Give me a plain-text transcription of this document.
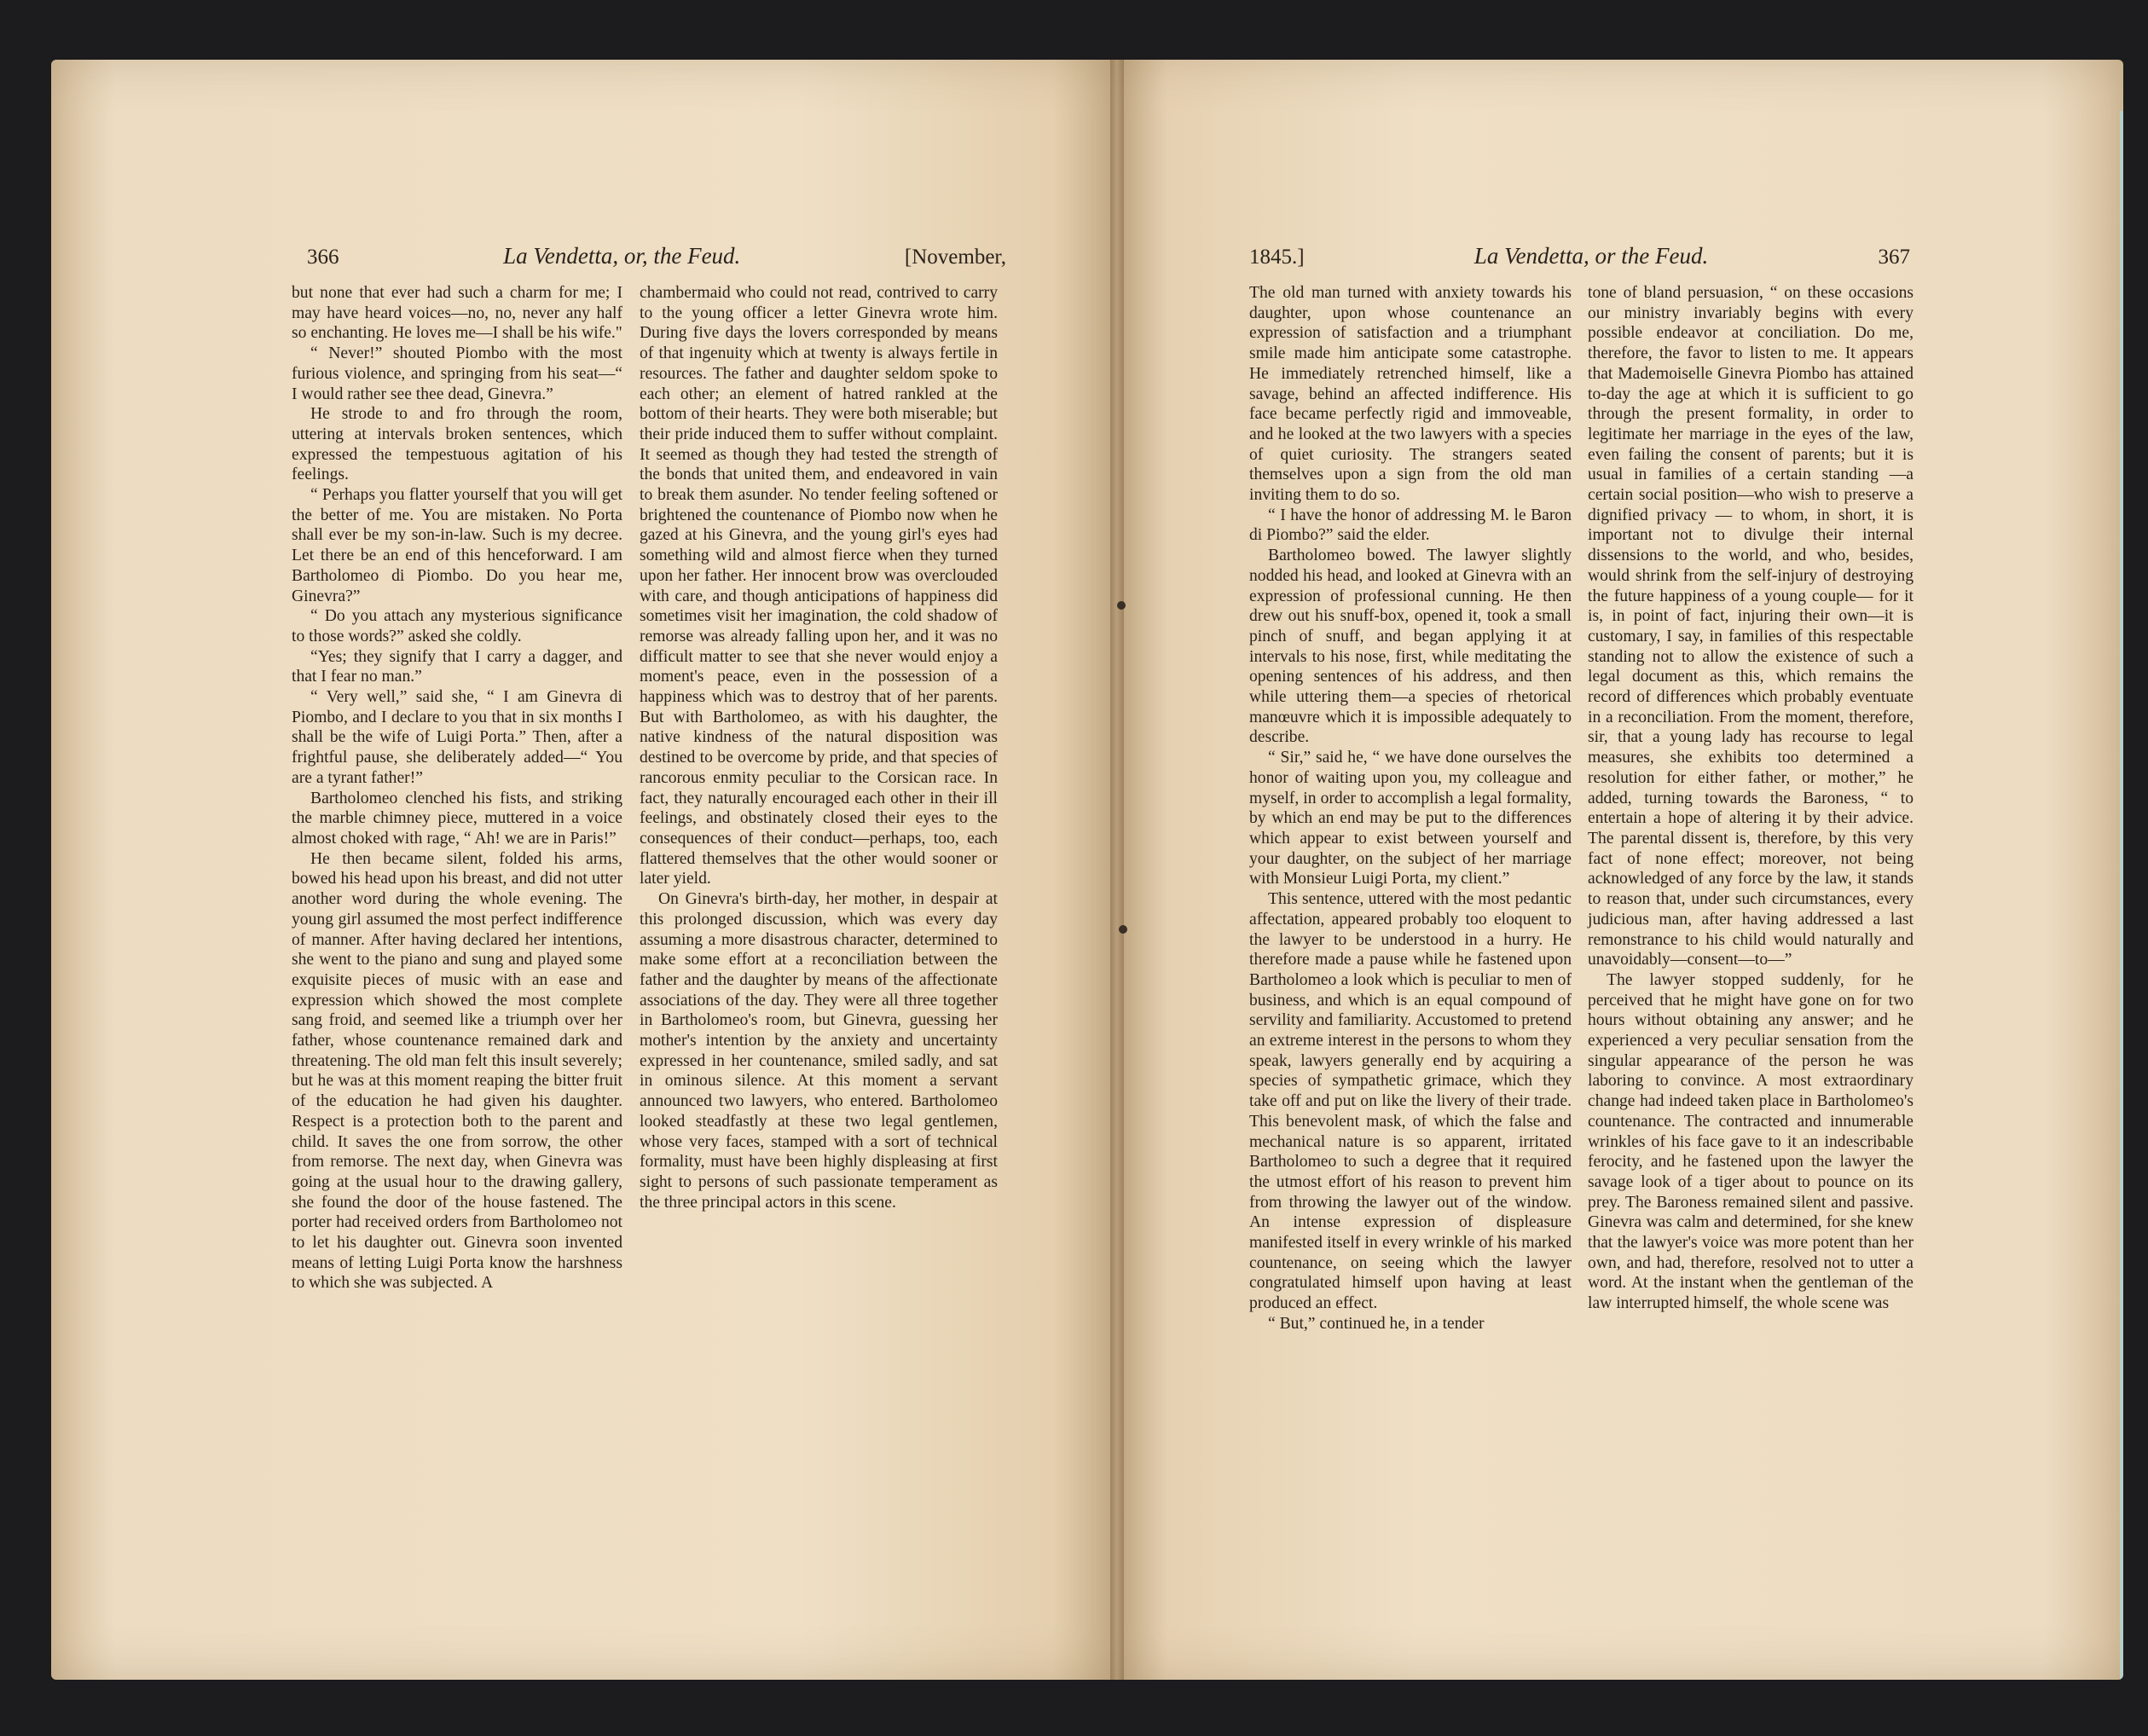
366	La Vendetta, or, the Feud.	[November,

but none that ever had such a charm for me; I may have heard voices—no, no, never any half so enchanting. He loves me—I shall be his wife."

“ Never!” shouted Piombo with the most furious violence, and springing from his seat—“ I would rather see thee dead, Ginevra.”

He strode to and fro through the room, uttering at intervals broken sentences, which expressed the tempestuous agitation of his feelings.

“ Perhaps you flatter yourself that you will get the better of me. You are mistaken. No Porta shall ever be my son-in-law. Such is my decree. Let there be an end of this henceforward. I am Bartholomeo di Piombo. Do you hear me, Ginevra?”

“ Do you attach any mysterious significance to those words?” asked she coldly.

“Yes; they signify that I carry a dagger, and that I fear no man.”

“ Very well,” said she, “ I am Ginevra di Piombo, and I declare to you that in six months I shall be the wife of Luigi Porta.” Then, after a frightful pause, she deliberately added—“ You are a tyrant father!”

Bartholomeo clenched his fists, and striking the marble chimney piece, muttered in a voice almost choked with rage, “ Ah! we are in Paris!”

He then became silent, folded his arms, bowed his head upon his breast, and did not utter another word during the whole evening. The young girl assumed the most perfect indifference of manner. After having declared her intentions, she went to the piano and sung and played some exquisite pieces of music with an ease and expression which showed the most complete sang froid, and seemed like a triumph over her father, whose countenance remained dark and threatening. The old man felt this insult severely; but he was at this moment reaping the bitter fruit of the education he had given his daughter. Respect is a protection both to the parent and child. It saves the one from sorrow, the other from remorse. The next day, when Ginevra was going at the usual hour to the drawing gallery, she found the door of the house fastened. The porter had received orders from Bartholomeo not to let his daughter out. Ginevra soon invented means of letting Luigi Porta know the harshness to which she was subjected. A

chambermaid who could not read, contrived to carry to the young officer a letter Ginevra wrote him. During five days the lovers corresponded by means of that ingenuity which at twenty is always fertile in resources. The father and daughter seldom spoke to each other; an element of hatred rankled at the bottom of their hearts. They were both miserable; but their pride induced them to suffer without complaint. It seemed as though they had tested the strength of the bonds that united them, and endeavored in vain to break them asunder. No tender feeling softened or brightened the countenance of Piombo now when he gazed at his Ginevra, and the young girl's eyes had something wild and almost fierce when they turned upon her father. Her innocent brow was overclouded with care, and though anticipations of happiness did sometimes visit her imagination, the cold shadow of remorse was already falling upon her, and it was no difficult matter to see that she never would enjoy a moment's peace, even in the possession of a happiness which was to destroy that of her parents. But with Bartholomeo, as with his daughter, the native kindness of the natural disposition was destined to be overcome by pride, and that species of rancorous enmity peculiar to the Corsican race. In fact, they naturally encouraged each other in their ill feelings, and obstinately closed their eyes to the consequences of their conduct—perhaps, too, each flattered themselves that the other would sooner or later yield.

On Ginevra's birth-day, her mother, in despair at this prolonged discussion, which was every day assuming a more disastrous character, determined to make some effort at a reconciliation between the father and the daughter by means of the affectionate associations of the day. They were all three together in Bartholomeo's room, but Ginevra, guessing her mother's intention by the anxiety and uncertainty expressed in her countenance, smiled sadly, and sat in ominous silence. At this moment a servant announced two lawyers, who entered. Bartholomeo looked steadfastly at these two legal gentlemen, whose very faces, stamped with a sort of technical formality, must have been highly displeasing at first sight to persons of such passionate temperament as the three principal actors in this scene.

1845.]	La Vendetta, or the Feud.	367

The old man turned with anxiety towards his daughter, upon whose countenance an expression of satisfaction and a triumphant smile made him anticipate some catastrophe. He immediately retrenched himself, like a savage, behind an affected indifference. His face became perfectly rigid and immoveable, and he looked at the two lawyers with a species of quiet curiosity. The strangers seated themselves upon a sign from the old man inviting them to do so.

“ I have the honor of addressing M. le Baron di Piombo?” said the elder.

Bartholomeo bowed. The lawyer slightly nodded his head, and looked at Ginevra with an expression of professional cunning. He then drew out his snuff-box, opened it, took a small pinch of snuff, and began applying it at intervals to his nose, first, while meditating the opening sentences of his address, and then while uttering them—a species of rhetorical manœuvre which it is impossible adequately to describe.

“ Sir,” said he, “ we have done ourselves the honor of waiting upon you, my colleague and myself, in order to accomplish a legal formality, by which an end may be put to the differences which appear to exist between yourself and your daughter, on the subject of her marriage with Monsieur Luigi Porta, my client.”

This sentence, uttered with the most pedantic affectation, appeared probably too eloquent to the lawyer to be understood in a hurry. He therefore made a pause while he fastened upon Bartholomeo a look which is peculiar to men of business, and which is an equal compound of servility and familiarity. Accustomed to pretend an extreme interest in the persons to whom they speak, lawyers generally end by acquiring a species of sympathetic grimace, which they take off and put on like the livery of their trade. This benevolent mask, of which the false and mechanical nature is so apparent, irritated Bartholomeo to such a degree that it required the utmost effort of his reason to prevent him from throwing the lawyer out of the window. An intense expression of displeasure manifested itself in every wrinkle of his marked countenance, on seeing which the lawyer congratulated himself upon having at least produced an effect.

“ But,” continued he, in a tender

tone of bland persuasion, “ on these occasions our ministry invariably begins with every possible endeavor at conciliation. Do me, therefore, the favor to listen to me. It appears that Mademoiselle Ginevra Piombo has attained to-day the age at which it is sufficient to go through the present formality, in order to legitimate her marriage in the eyes of the law, even failing the consent of parents; but it is usual in families of a certain standing —a certain social position—who wish to preserve a dignified privacy — to whom, in short, it is important not to divulge their internal dissensions to the world, and who, besides, would shrink from the self-injury of destroying the future happiness of a young couple— for it is, in point of fact, injuring their own—it is customary, I say, in families of this respectable standing not to allow the existence of such a legal document as this, which remains the record of differences which probably eventuate in a reconciliation. From the moment, therefore, sir, that a young lady has recourse to legal measures, she exhibits too determined a resolution for either father, or mother,” he added, turning towards the Baroness, “ to entertain a hope of altering it by their advice. The parental dissent is, therefore, by this very fact of none effect; moreover, not being acknowledged of any force by the law, it stands to reason that, under such circumstances, every judicious man, after having addressed a last remonstrance to his child would naturally and unavoidably—consent—to—”

The lawyer stopped suddenly, for he perceived that he might have gone on for two hours without obtaining any answer; and he experienced a very peculiar sensation from the singular appearance of the person he was laboring to convince. A most extraordinary change had indeed taken place in Bartholomeo's countenance. The contracted and innumerable wrinkles of his face gave to it an indescribable ferocity, and he fastened upon the lawyer the savage look of a tiger about to pounce on its prey. The Baroness remained silent and passive. Ginevra was calm and determined, for she knew that the lawyer's voice was more potent than her own, and had, therefore, resolved not to utter a word. At the instant when the gentleman of the law interrupted himself, the whole scene was
